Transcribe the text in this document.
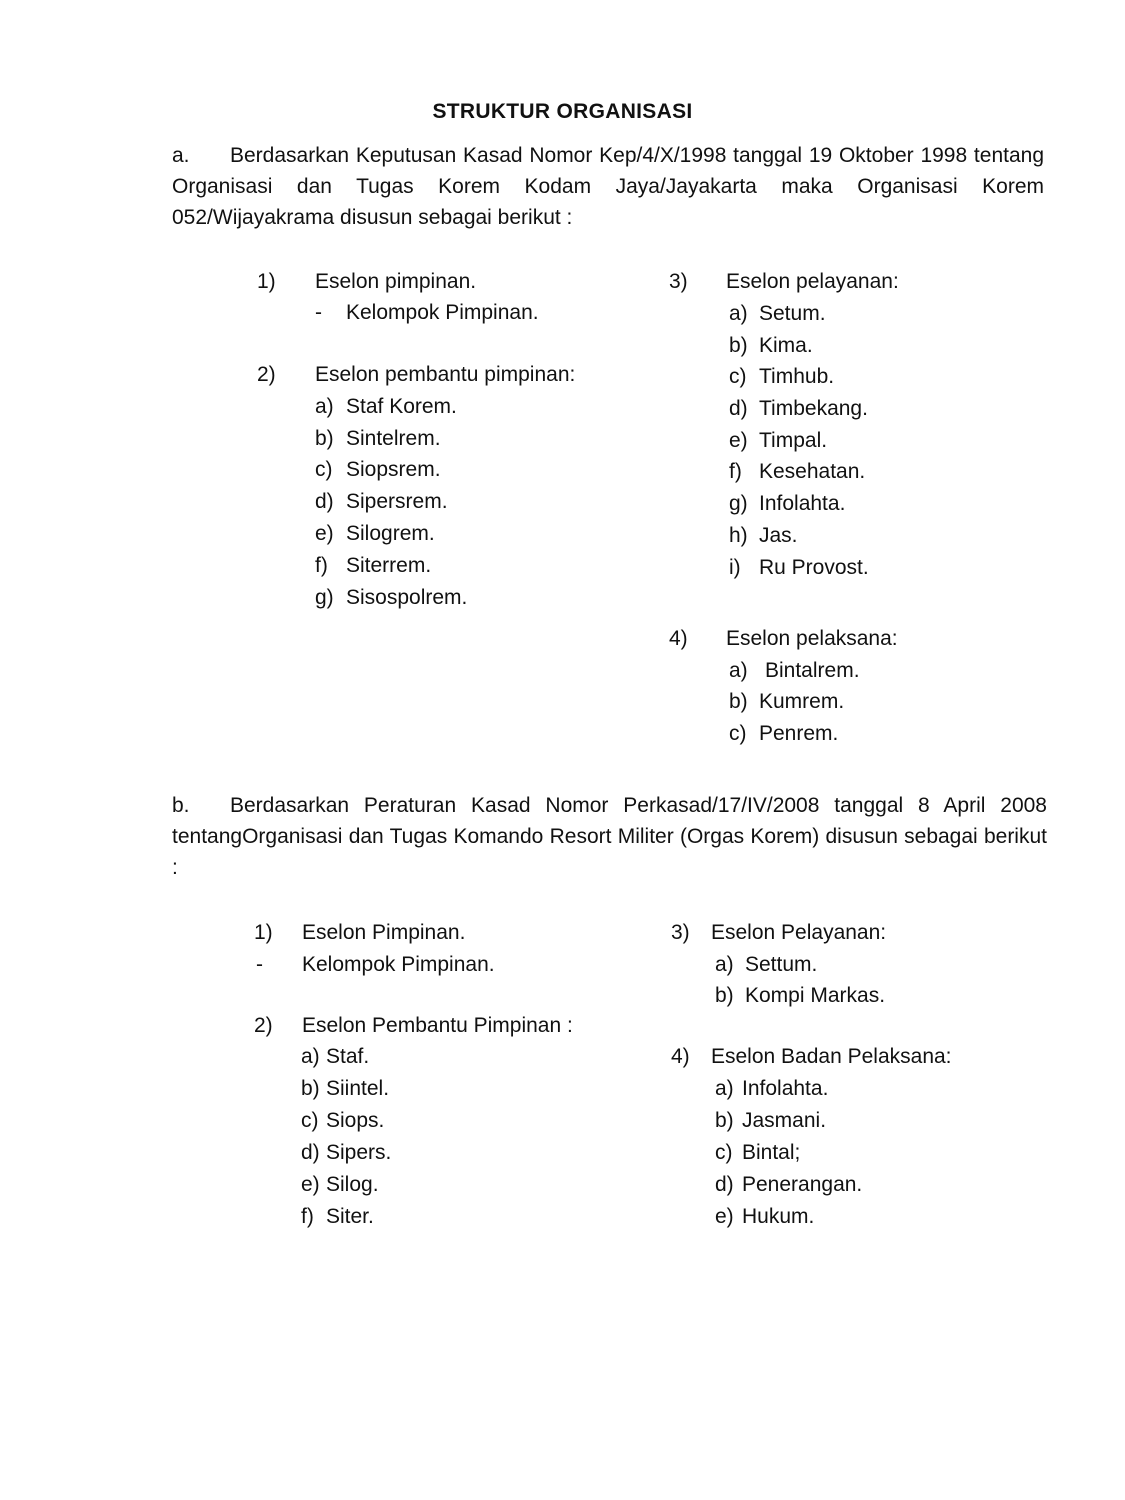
STRUKTUR ORGANISASI
a. Berdasarkan Keputusan Kasad Nomor Kep/4/X/1998 tanggal 19 Oktober 1998 tentang Organisasi dan Tugas Korem Kodam Jaya/Jayakarta maka Organisasi Korem 052/Wijayakrama disusun sebagai berikut :
1) Eselon pimpinan.
- Kelompok Pimpinan.
2) Eselon pembantu pimpinan:
a) Staf Korem.
b) Sintelrem.
c) Siopsrem.
d) Sipersrem.
e) Silogrem.
f) Siterrem.
g) Sisospolrem.
3) Eselon pelayanan:
a) Setum.
b) Kima.
c) Timhub.
d) Timbekang.
e) Timpal.
f) Kesehatan.
g) Infolahta.
h) Jas.
i) Ru Provost.
4) Eselon pelaksana:
a) Bintalrem.
b) Kumrem.
c) Penrem.
b. Berdasarkan Peraturan Kasad Nomor Perkasad/17/IV/2008 tanggal 8 April 2008 tentangOrganisasi dan Tugas Komando Resort Militer (Orgas Korem) disusun sebagai berikut :
1) Eselon Pimpinan.
- Kelompok Pimpinan.
2) Eselon Pembantu Pimpinan :
a) Staf.
b) Siintel.
c) Siops.
d) Sipers.
e) Silog.
f) Siter.
3) Eselon Pelayanan:
a) Settum.
b) Kompi Markas.
4) Eselon Badan Pelaksana:
a) Infolahta.
b) Jasmani.
c) Bintal;
d) Penerangan.
e) Hukum.
